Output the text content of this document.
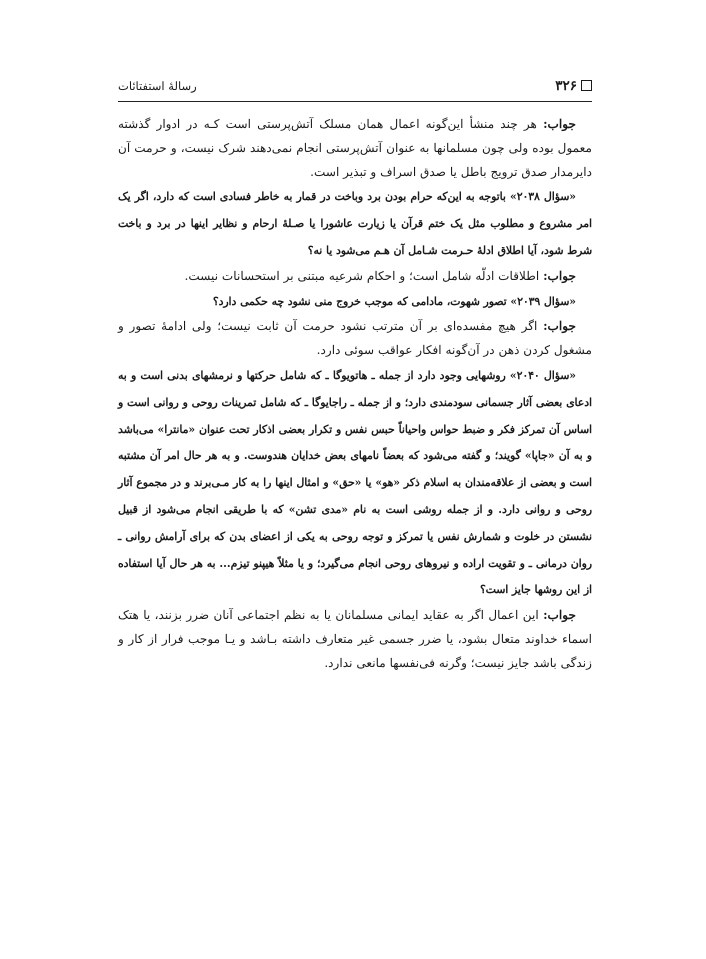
۳۲۶
رسالۀ استفتائات

جواب: هر چند منشأ این‌گونه اعمال همان مسلک آتش‌پرستی است کـه در ادوار گذشته معمول بوده ولی چون مسلمانها به عنوان آتش‌پرستی انجام نمی‌دهند شرک نیست، و حرمت آن دایرمدار صدق ترویج باطل یا صدق اسراف و تبذیر است.

«سؤال ۲۰۳۸» باتوجه به این‌که حرام بودن برد وباخت در قمار به خاطر فسادی است که دارد، اگر یک امر مشروع و مطلوب مثل یک ختم قرآن یا زیارت عاشورا یا صـلۀ ارحام و نظایر اینها در برد و باخت شرط شود، آیا اطلاق ادلۀ حـرمت شـامل آن هـم می‌شود یا نه؟

جواب: اطلاقات ادلّه شامل است؛ و احکام شرعیه مبتنی بر استحسانات نیست.

«سؤال ۲۰۳۹» تصور شهوت، مادامی که موجب خروج منی نشود چه حکمی دارد؟

جواب: اگر هیچ مفسده‌ای بر آن مترتب نشود حرمت آن ثابت نیست؛ ولی ادامۀ تصور و مشغول کردن ذهن در آن‌گونه افکار عواقب سوئی دارد.

«سؤال ۲۰۴۰» روشهایی وجود دارد از جمله ـ هاتویوگا ـ که شامل حرکتها و نرمشهای بدنی است و به ادعای بعضی آثار جسمانی سودمندی دارد؛ و از جمله ـ راجایوگا ـ که شامل تمرینات روحی و روانی است و اساس آن تمرکز فکر و ضبط حواس واحیاناً حبس نفس و تکرار بعضی اذکار تحت عنوان «مانترا» می‌باشد و به آن «جاپا» گویند؛ و گفته می‌شود که بعضاً نامهای بعض خدایان هندوست. و به هر حال امر آن مشتبه است و بعضی از علاقه‌مندان به اسلام ذکر «هو» یا «حق» و امثال اینها را به کار مـی‌برند و در مجموع آثار روحی و روانی دارد. و از جمله روشی است به نام «مدی تشن» که با طریقی انجام می‌شود از قبیل نشستن در خلوت و شمارش نفس یا تمرکز و توجه روحی به یکی از اعضای بدن که برای آرامش روانی ـ روان درمانی ـ و تقویت اراده و نیروهای روحی انجام می‌گیرد؛ و یا مثلاً هیپنو تیزم... به هر حال آیا استفاده از این روشها جایز است؟

جواب: این اعمال اگر به عقاید ایمانی مسلمانان یا به نظم اجتماعی آنان ضرر بزنند، یا هتک اسماء خداوند متعال بشود، یا ضرر جسمی غیر متعارف داشته بـاشد و یـا موجب فرار از کار و زندگی باشد جایز نیست؛ وگرنه فی‌نفسها مانعی ندارد.
